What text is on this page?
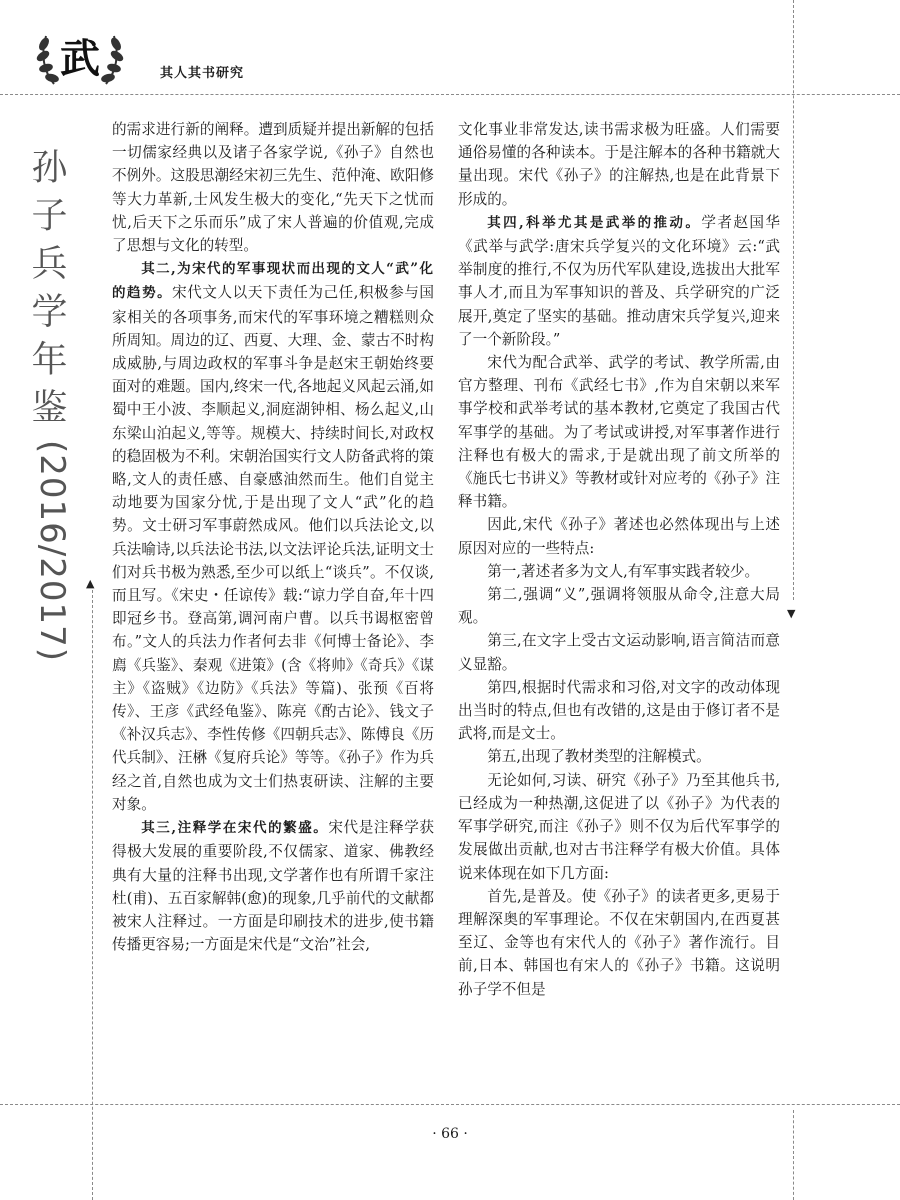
▲
▼
武	其人其书研究
孙子兵学年鉴
(2016/2017)

的需求进行新的阐释。遭到质疑并提出新解的包括一切儒家经典以及诸子各家学说,《孙子》自然也不例外。这股思潮经宋初三先生、范仲淹、欧阳修等大力革新,士风发生极大的变化,“先天下之忧而忧,后天下之乐而乐”成了宋人普遍的价值观,完成了思想与文化的转型。

其二,为宋代的军事现状而出现的文人“武”化的趋势。宋代文人以天下责任为己任,积极参与国家相关的各项事务,而宋代的军事环境之糟糕则众所周知。周边的辽、西夏、大理、金、蒙古不时构成威胁,与周边政权的军事斗争是赵宋王朝始终要面对的难题。国内,终宋一代,各地起义风起云涌,如蜀中王小波、李顺起义,洞庭湖钟相、杨么起义,山东梁山泊起义,等等。规模大、持续时间长,对政权的稳固极为不利。宋朝治国实行文人防备武将的策略,文人的责任感、自豪感油然而生。他们自觉主动地要为国家分忧,于是出现了文人“武”化的趋势。文士研习军事蔚然成风。他们以兵法论文,以兵法喻诗,以兵法论书法,以文法评论兵法,证明文士们对兵书极为熟悉,至少可以纸上“谈兵”。不仅谈,而且写。《宋史・任谅传》载:“谅力学自奋,年十四即冠乡书。登高第,调河南户曹。以兵书谒枢密曾布。”文人的兵法力作者何去非《何博士备论》、李廌《兵鉴》、秦观《进策》(含《将帅》《奇兵》《谋主》《盗贼》《边防》《兵法》等篇)、张预《百将传》、王彦《武经龟鉴》、陈亮《酌古论》、钱文子《补汉兵志》、李性传修《四朝兵志》、陈傅良《历代兵制》、汪楙《复府兵论》等等。《孙子》作为兵经之首,自然也成为文士们热衷研读、注解的主要对象。

其三,注释学在宋代的繁盛。宋代是注释学获得极大发展的重要阶段,不仅儒家、道家、佛教经典有大量的注释书出现,文学著作也有所谓千家注杜(甫)、五百家解韩(愈)的现象,几乎前代的文献都被宋人注释过。一方面是印刷技术的进步,使书籍传播更容易;一方面是宋代是“文治”社会,

文化事业非常发达,读书需求极为旺盛。人们需要通俗易懂的各种读本。于是注解本的各种书籍就大量出现。宋代《孙子》的注解热,也是在此背景下形成的。

其四,科举尤其是武举的推动。学者赵国华《武举与武学:唐宋兵学复兴的文化环境》云:“武举制度的推行,不仅为历代军队建设,选拔出大批军事人才,而且为军事知识的普及、兵学研究的广泛展开,奠定了坚实的基础。推动唐宋兵学复兴,迎来了一个新阶段。”

宋代为配合武举、武学的考试、教学所需,由官方整理、刊布《武经七书》,作为自宋朝以来军事学校和武举考试的基本教材,它奠定了我国古代军事学的基础。为了考试或讲授,对军事著作进行注释也有极大的需求,于是就出现了前文所举的《施氏七书讲义》等教材或针对应考的《孙子》注释书籍。

因此,宋代《孙子》著述也必然体现出与上述原因对应的一些特点:

第一,著述者多为文人,有军事实践者较少。

第二,强调“义”,强调将领服从命令,注意大局观。

第三,在文字上受古文运动影响,语言简洁而意义显豁。

第四,根据时代需求和习俗,对文字的改动体现出当时的特点,但也有改错的,这是由于修订者不是武将,而是文士。

第五,出现了教材类型的注解模式。

无论如何,习读、研究《孙子》乃至其他兵书,已经成为一种热潮,这促进了以《孙子》为代表的军事学研究,而注《孙子》则不仅为后代军事学的发展做出贡献,也对古书注释学有极大价值。具体说来体现在如下几方面:

首先,是普及。使《孙子》的读者更多,更易于理解深奥的军事理论。不仅在宋朝国内,在西夏甚至辽、金等也有宋代人的《孙子》著作流行。目前,日本、韩国也有宋人的《孙子》书籍。这说明孙子学不但是

· 66 ·
